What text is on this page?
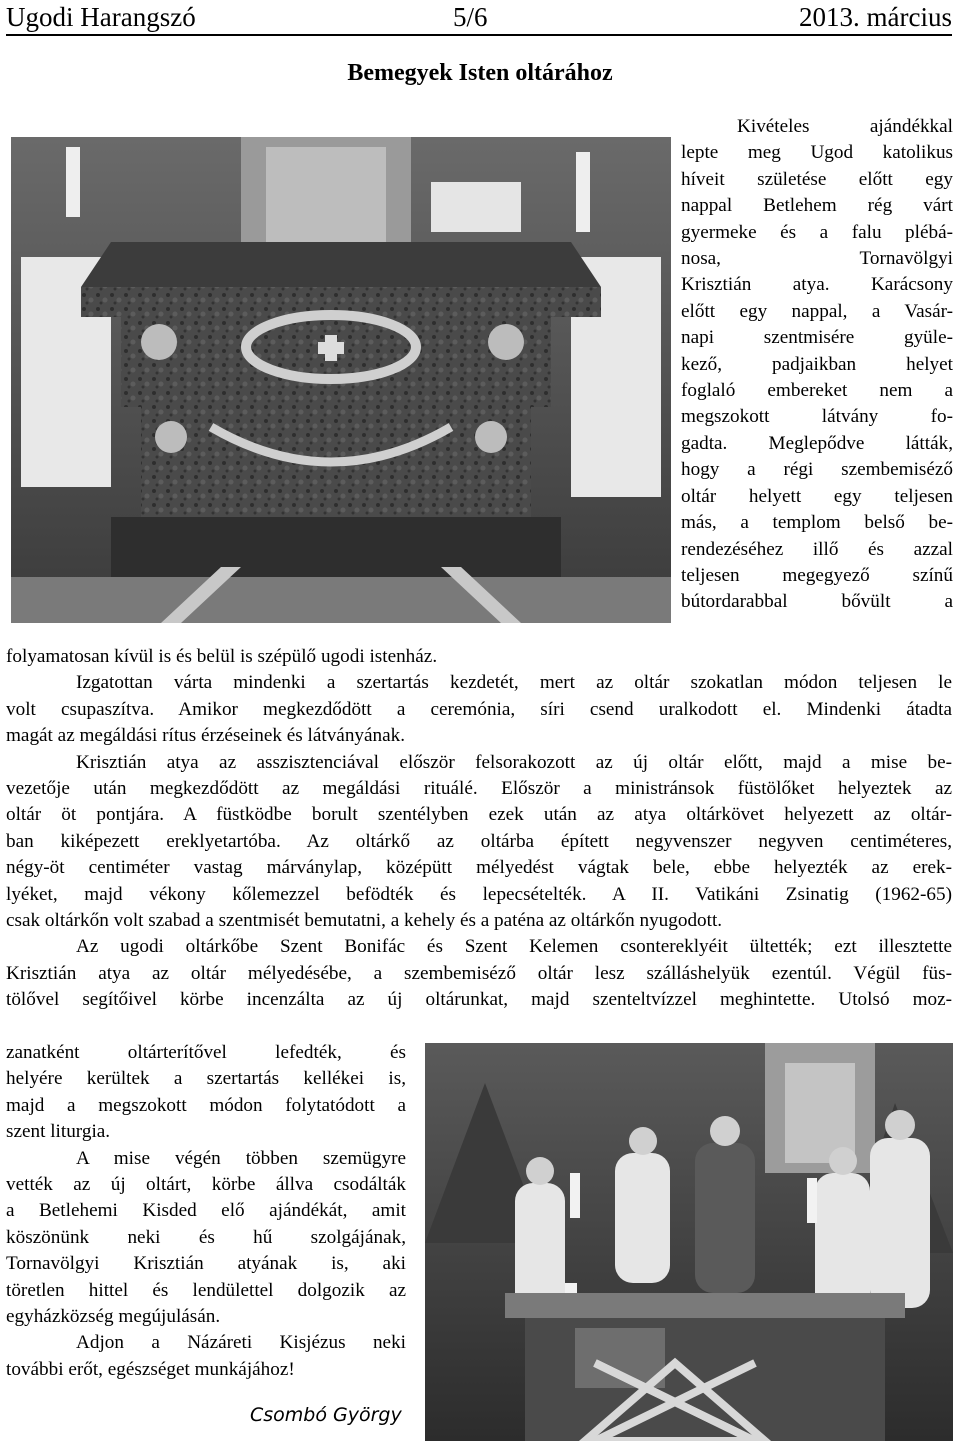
Ugodi Harangszó	5/6	2013. március
Bemegyek Isten oltárához
Kivételes ajándékkal
lepte meg Ugod katolikus
híveit születése előtt egy
nappal Betlehem rég várt
gyermeke és a falu plébá-
nosa, Tornavölgyi
Krisztián atya. Karácsony
előtt egy nappal, a Vasár-
napi szentmisére gyüle-
kező, padjaikban helyet
foglaló embereket nem a
megszokott látvány fo-
gadta. Meglepődve látták,
hogy a régi szembemiséző
oltár helyett egy teljesen
más, a templom belső be-
rendezéséhez illő és azzal
teljesen megegyező színű
bútordarabbal bővült a
folyamatosan kívül is és belül is szépülő ugodi istenház.
Izgatottan várta mindenki a szertartás kezdetét, mert az oltár szokatlan módon teljesen le
volt csupaszítva. Amikor megkezdődött a ceremónia, síri csend uralkodott el. Mindenki átadta
magát az megáldási rítus érzéseinek és látványának.
Krisztián atya az asszisztenciával először felsorakozott az új oltár előtt, majd a mise be-
vezetője után megkezdődött az megáldási rituálé. Először a ministránsok füstölőket helyeztek az
oltár öt pontjára. A füstködbe borult szentélyben ezek után az atya oltárkövet helyezett az oltár-
ban kiképezett ereklyetartóba. Az oltárkő az oltárba épített negyvenszer negyven centiméteres,
négy-öt centiméter vastag márványlap, középütt mélyedést vágtak bele, ebbe helyezték az erek-
lyéket, majd vékony kőlemezzel befödték és lepecsételték. A II. Vatikáni Zsinatig (1962-65)
csak oltárkőn volt szabad a szentmisét bemutatni, a kehely és a paténa az oltárkőn nyugodott.
Az ugodi oltárkőbe Szent Bonifác és Szent Kelemen csontereklyéit ültették; ezt illesztette
Krisztián atya az oltár mélyedésébe, a szembemiséző oltár lesz szálláshelyük ezentúl. Végül füs-
tölővel segítőivel körbe incenzálta az új oltárunkat, majd szenteltvízzel meghintette. Utolsó moz-
zanatként oltárterítővel lefedték, és
helyére kerültek a szertartás kellékei is,
majd a megszokott módon folytatódott a
szent liturgia.
A mise végén többen szemügyre
vették az új oltárt, körbe állva csodálták
a Betlehemi Kisded elő ajándékát, amit
köszönünk neki és hű szolgájának,
Tornavölgyi Krisztián atyának is, aki
töretlen hittel és lendülettel dolgozik az
egyházközség megújulásán.
Adjon a Názáreti Kisjézus neki
további erőt, egészséget munkájához!
Csombó György
